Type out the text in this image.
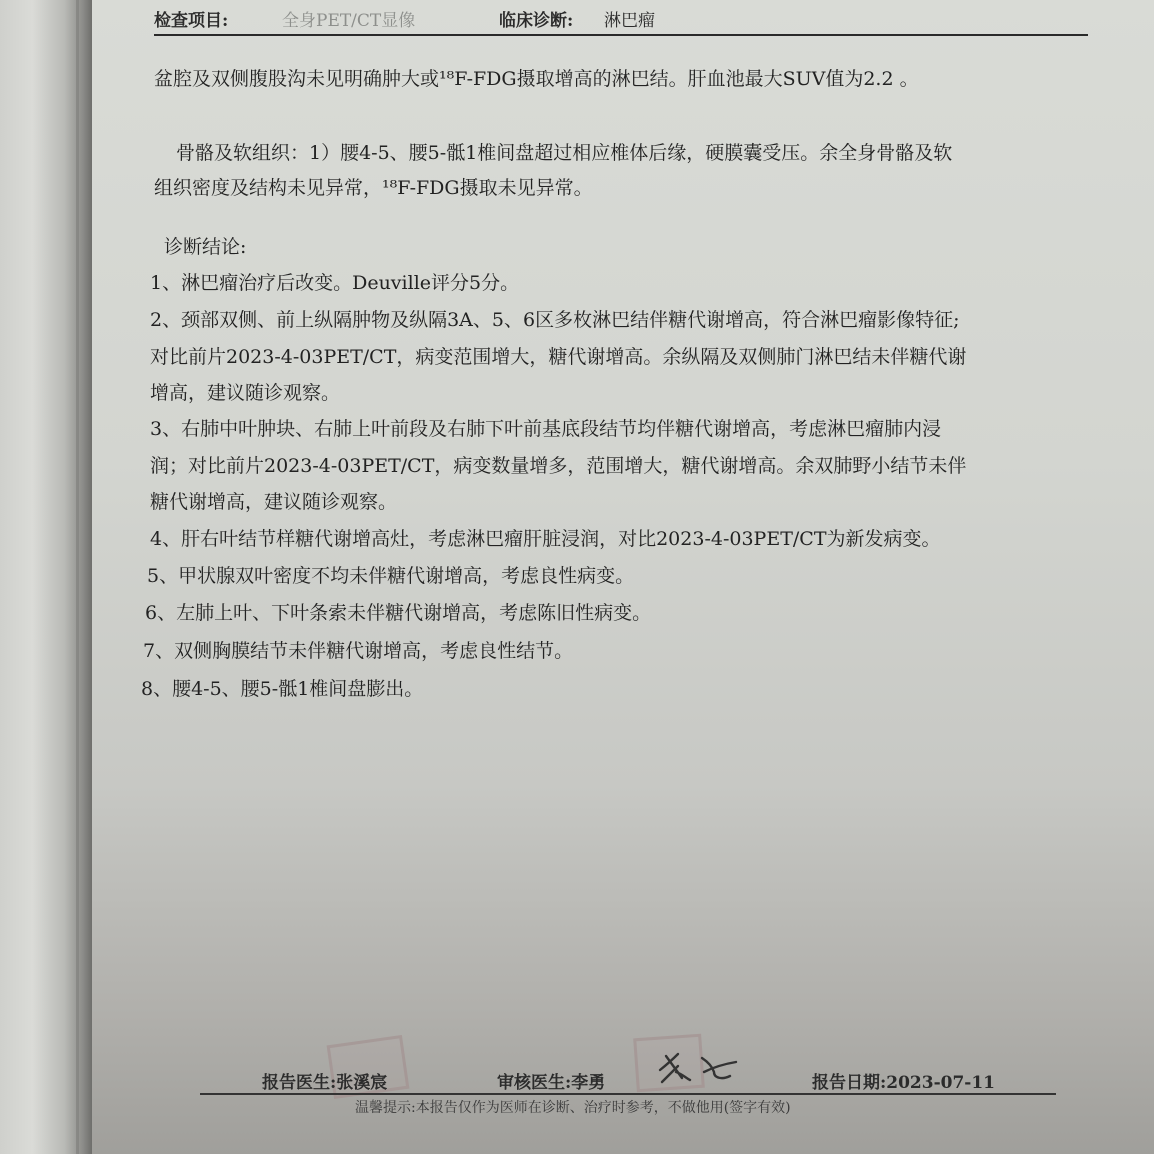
检查项目:	全身PET/CT显像	临床诊断: 淋巴瘤
盆腔及双侧腹股沟未见明确肿大或¹⁸F-FDG摄取增高的淋巴结。肝血池最大SUV值为2.2 。
骨骼及软组织：1）腰4-5、腰5-骶1椎间盘超过相应椎体后缘，硬膜囊受压。余全身骨骼及软
组织密度及结构未见异常，¹⁸F-FDG摄取未见异常。
诊断结论:
1、淋巴瘤治疗后改变。Deuville评分5分。
2、颈部双侧、前上纵隔肿物及纵隔3A、5、6区多枚淋巴结伴糖代谢增高，符合淋巴瘤影像特征;
对比前片2023-4-03PET/CT，病变范围增大，糖代谢增高。余纵隔及双侧肺门淋巴结未伴糖代谢
增高，建议随诊观察。
3、右肺中叶肿块、右肺上叶前段及右肺下叶前基底段结节均伴糖代谢增高，考虑淋巴瘤肺内浸
润；对比前片2023-4-03PET/CT，病变数量增多，范围增大，糖代谢增高。余双肺野小结节未伴
糖代谢增高，建议随诊观察。
4、肝右叶结节样糖代谢增高灶，考虑淋巴瘤肝脏浸润，对比2023-4-03PET/CT为新发病变。
5、甲状腺双叶密度不均未伴糖代谢增高，考虑良性病变。
6、左肺上叶、下叶条索未伴糖代谢增高，考虑陈旧性病变。
7、双侧胸膜结节未伴糖代谢增高，考虑良性结节。
8、腰4-5、腰5-骶1椎间盘膨出。
报告医生:张溪宸	审核医生:李勇	报告日期:2023-07-11
温馨提示:本报告仅作为医师在诊断、治疗时参考，不做他用(签字有效)
